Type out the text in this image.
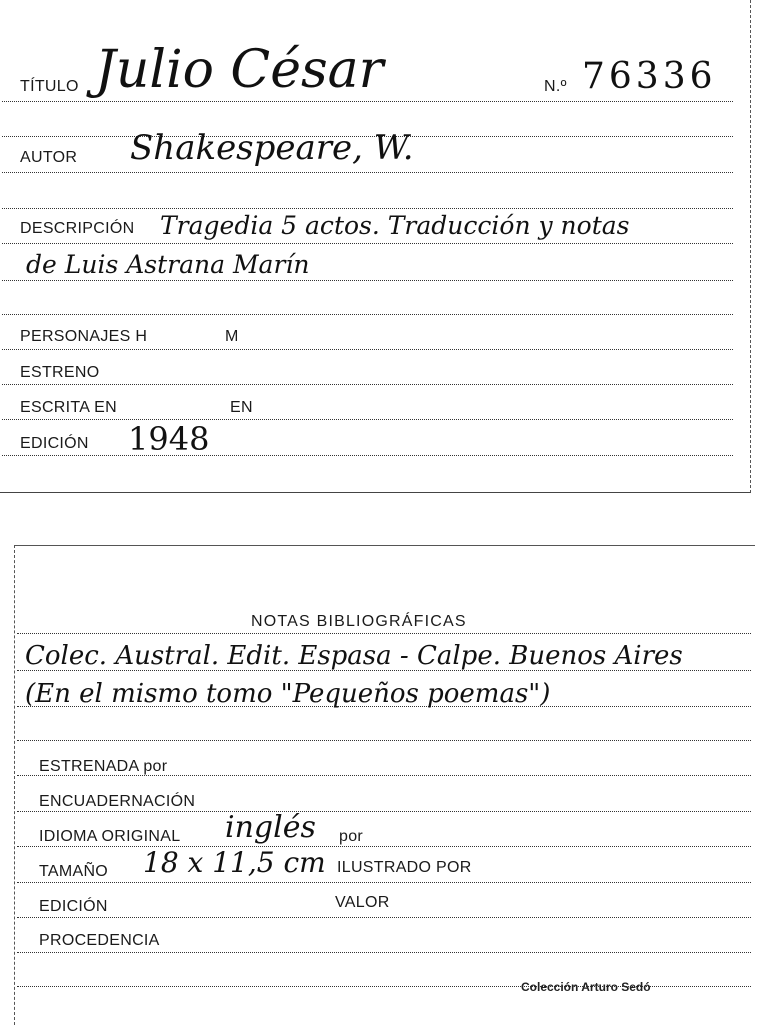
TÍTULO Julio César	N.º 76336
AUTOR Shakespeare, W.
DESCRIPCIÓN Tragedia 5 actos. Traducción y notas
de Luis Astrana Marín
PERSONAJES H	M
ESTRENO
ESCRITA EN	EN
EDICIÓN 1948
NOTAS BIBLIOGRÁFICAS
Colec. Austral. Edit. Espasa - Calpe. Buenos Aires
(En el mismo tomo "Pequeños poemas")
ESTRENADA por
ENCUADERNACIÓN
IDIOMA ORIGINAL inglés por
TAMAÑO 18 x 11,5 cm ILUSTRADO POR
EDICIÓN	VALOR
PROCEDENCIA
Colección Arturo Sedó
